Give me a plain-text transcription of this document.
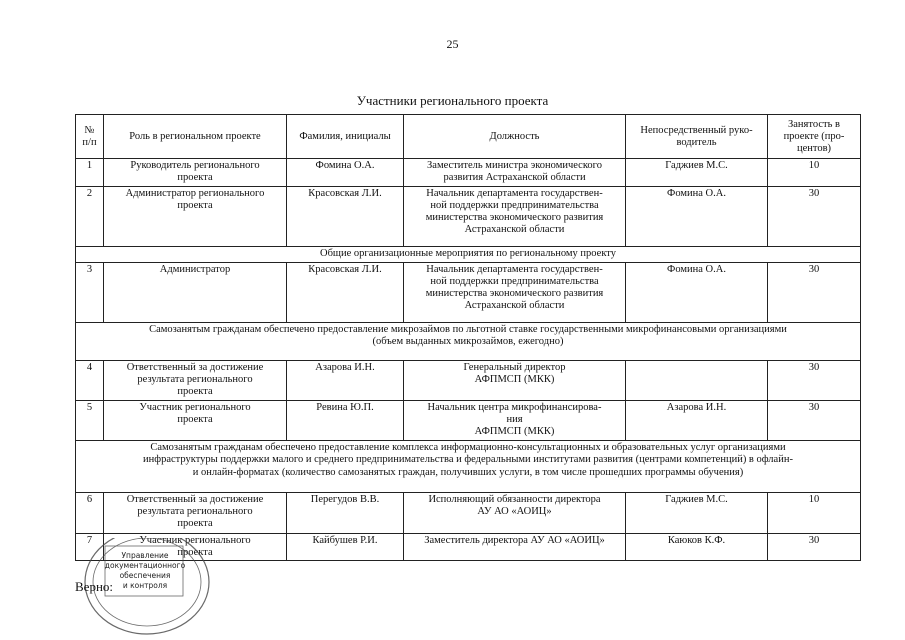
25
Участники регионального проекта
№
п/п	Роль в региональном проекте	Фамилия, инициалы	Должность	Непосредственный руко-
водитель	Занятость в
проекте (про-
центов)
1	Руководитель регионального
проекта	Фомина О.А.	Заместитель министра экономического
развития Астраханской области	Гаджиев М.С.	10
2	Администратор регионального
проекта	Красовская Л.И.	Начальник департамента государствен-
ной поддержки предпринимательства
министерства экономического развития
Астраханской области	Фомина О.А.	30
Общие организационные мероприятия по региональному проекту					
3	Администратор	Красовская Л.И.	Начальник департамента государствен-
ной поддержки предпринимательства
министерства экономического развития
Астраханской области	Фомина О.А.	30
Самозанятым гражданам обеспечено предоставление микрозаймов по льготной ставке государственными микрофинансовыми организациями
(объем выданных микрозаймов, ежегодно)					
4	Ответственный за достижение
результата регионального
проекта	Азарова И.Н.	Генеральный директор
АФПМСП (МКК)		30
5	Участник регионального
проекта	Ревина Ю.П.	Начальник центра микрофинансирова-
ния
АФПМСП (МКК)	Азарова И.Н.	30
Самозанятым гражданам обеспечено предоставление комплекса информационно-консультационных и образовательных услуг организациями
инфраструктуры поддержки малого и среднего предпринимательства и федеральными институтами развития (центрами компетенций) в офлайн-
и онлайн-форматах (количество самозанятых граждан, получивших услуги, в том числе прошедших программы обучения)					
6	Ответственный за достижение
результата регионального
проекта	Перегудов В.В.	Исполняющий обязанности директора
АУ АО «АОИЦ»	Гаджиев М.С.	10
7	Участник регионального
проекта	Кайбушев Р.И.	Заместитель директора АУ АО «АОИЦ»	Каюков К.Ф.	30
Управление
документационного
обеспечения
и контроля
Верно:
